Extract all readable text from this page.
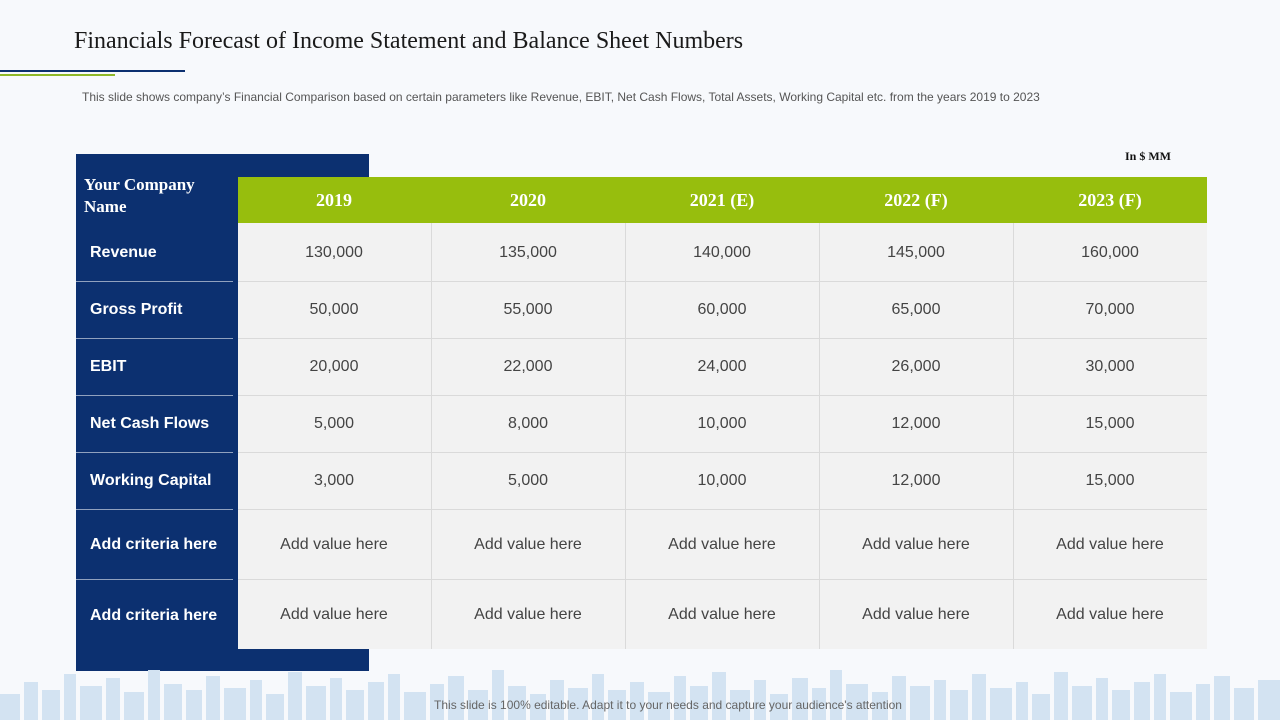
Financials Forecast of Income Statement and Balance Sheet Numbers
This slide shows company’s Financial Comparison based on certain parameters like Revenue, EBIT, Net Cash Flows, Total Assets, Working Capital etc. from the years 2019 to 2023
In $ MM
Your Company Name	2019	2020	2021 (E)	2022 (F)	2023 (F)
Revenue	130,000	135,000	140,000	145,000	160,000
Gross Profit	50,000	55,000	60,000	65,000	70,000
EBIT	20,000	22,000	24,000	26,000	30,000
Net Cash Flows	5,000	8,000	10,000	12,000	15,000
Working Capital	3,000	5,000	10,000	12,000	15,000
Add criteria here	Add value here	Add value here	Add value here	Add value here	Add value here
Add criteria here	Add value here	Add value here	Add value here	Add value here	Add value here
This slide is 100% editable. Adapt it to your needs and capture your audience's attention
